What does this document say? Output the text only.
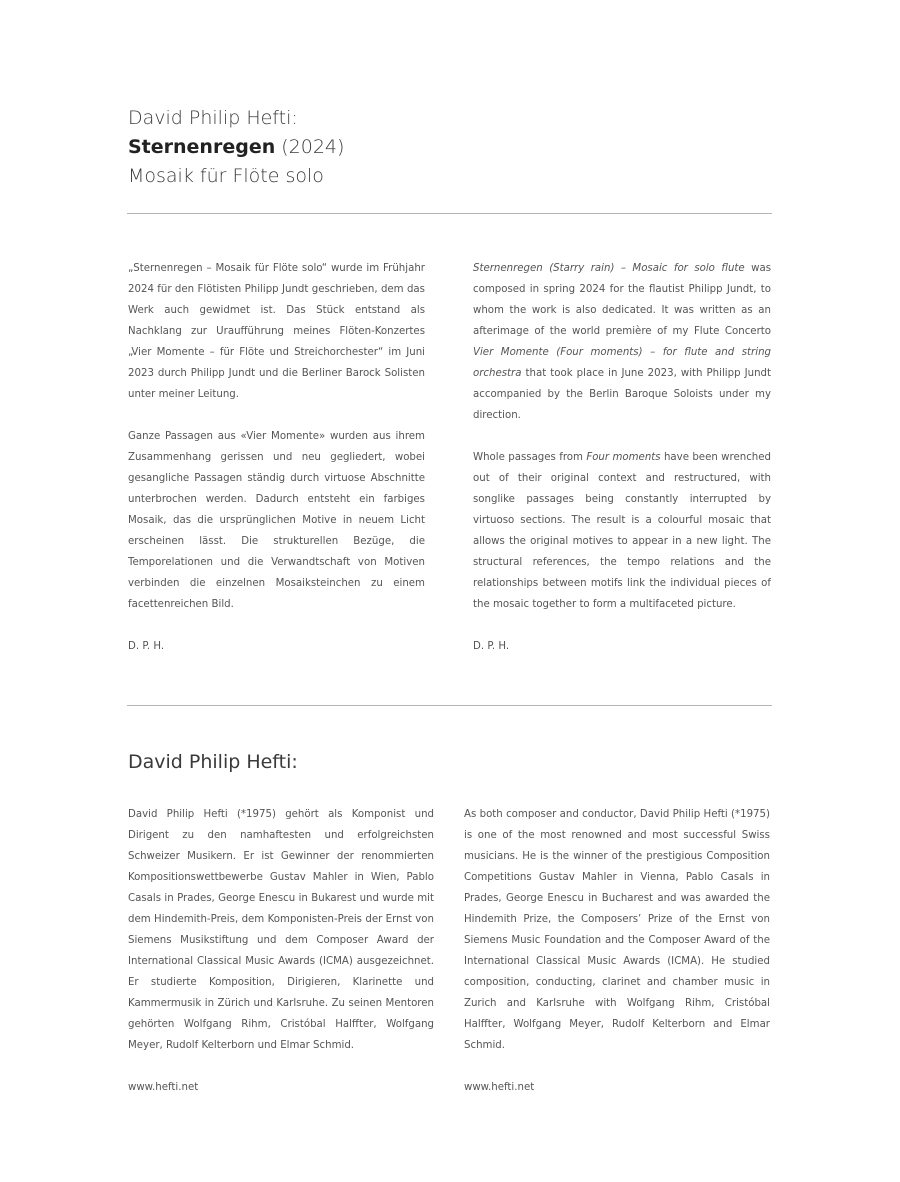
David Philip Hefti:
Sternenregen (2024)
Mosaik für Flöte solo

„Sternenregen – Mosaik für Flöte solo“ wurde im Frühjahr 2024 für den Flötisten Philipp Jundt geschrieben, dem das Werk auch gewidmet ist. Das Stück entstand als Nachklang zur Uraufführung meines Flöten-Konzertes „Vier Momente – für Flöte und Streichorchester“ im Juni 2023 durch Philipp Jundt und die Berliner Barock Solisten unter meiner Leitung.

Ganze Passagen aus «Vier Momente» wurden aus ihrem Zusammenhang gerissen und neu gegliedert, wobei gesangliche Passagen ständig durch virtuose Abschnitte unterbrochen werden. Dadurch entsteht ein farbiges Mosaik, das die ursprünglichen Motive in neuem Licht erscheinen lässt. Die strukturellen Bezüge, die Temporelationen und die Verwandtschaft von Motiven verbinden die einzelnen Mosaiksteinchen zu einem facettenreichen Bild.

D. P. H.

Sternenregen (Starry rain) – Mosaic for solo flute was composed in spring 2024 for the flautist Philipp Jundt, to whom the work is also dedicated. It was written as an afterimage of the world première of my Flute Concerto Vier Momente (Four moments) – for flute and string orchestra that took place in June 2023, with Philipp Jundt accompanied by the Berlin Baroque Soloists under my direction.

Whole passages from Four moments have been wrenched out of their original context and restructured, with songlike passages being constantly interrupted by virtuoso sections. The result is a colourful mosaic that allows the original motives to appear in a new light. The structural references, the tempo relations and the relationships between motifs link the individual pieces of the mosaic together to form a multifaceted picture.

D. P. H.
David Philip Hefti:

David Philip Hefti (*1975) gehört als Komponist und Dirigent zu den namhaftesten und erfolgreichsten Schweizer Musikern. Er ist Gewinner der renommierten Kompositionswettbewerbe Gustav Mahler in Wien, Pablo Casals in Prades, George Enescu in Bukarest und wurde mit dem Hindemith-Preis, dem Komponisten-Preis der Ernst von Siemens Musikstiftung und dem Composer Award der International Classical Music Awards (ICMA) ausgezeichnet. Er studierte Komposition, Dirigieren, Klarinette und Kammermusik in Zürich und Karlsruhe. Zu seinen Mentoren gehörten Wolfgang Rihm, Cristóbal Halffter, Wolfgang Meyer, Rudolf Kelterborn und Elmar Schmid.

www.hefti.net

As both composer and conductor, David Philip Hefti (*1975) is one of the most renowned and most successful Swiss musicians. He is the winner of the prestigious Composition Competitions Gustav Mahler in Vienna, Pablo Casals in Prades, George Enescu in Bucharest and was awarded the Hindemith Prize, the Composers’ Prize of the Ernst von Siemens Music Foundation and the Composer Award of the International Classical Music Awards (ICMA). He studied composition, conducting, clarinet and chamber music in Zurich and Karlsruhe with Wolfgang Rihm, Cristóbal Halffter, Wolfgang Meyer, Rudolf Kelterborn and Elmar Schmid.

www.hefti.net
